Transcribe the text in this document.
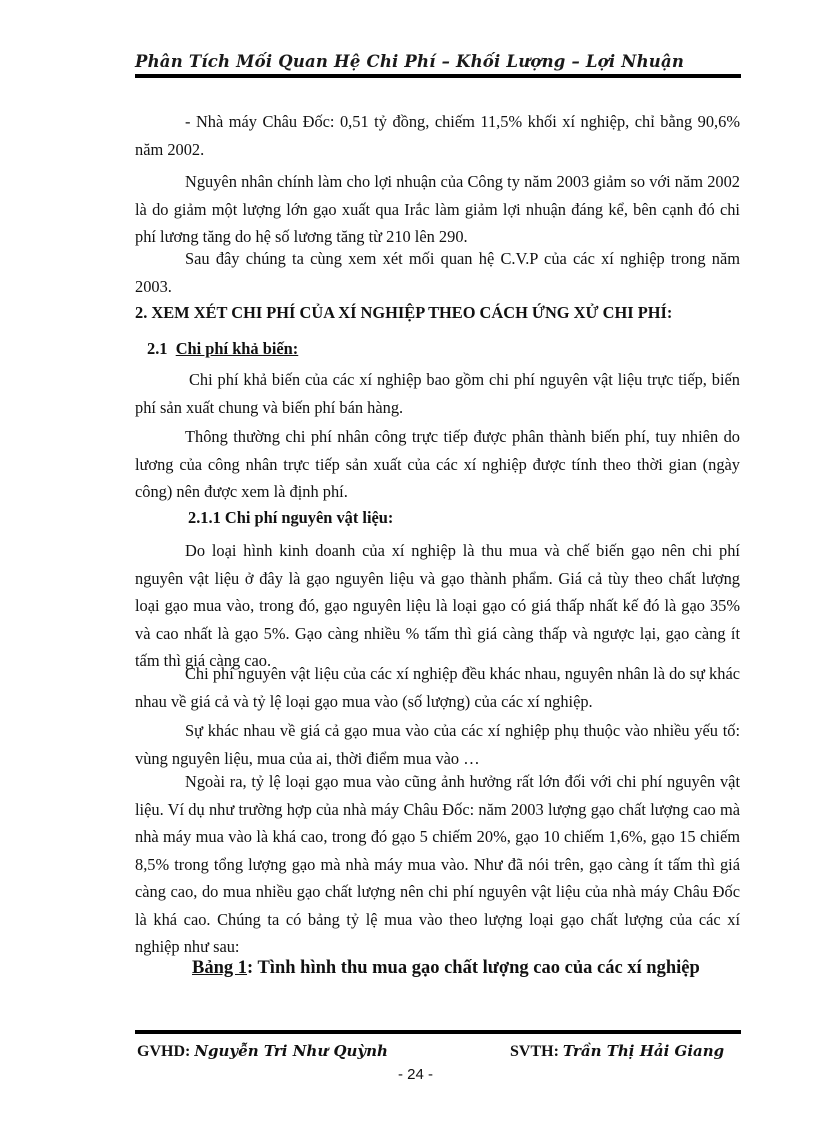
Phân Tích Mối Quan Hệ Chi Phí – Khối Lượng – Lợi Nhuận

- Nhà máy Châu Đốc: 0,51 tỷ đồng, chiếm 11,5% khối xí nghiệp, chỉ bằng 90,6% năm 2002.

Nguyên nhân chính làm cho lợi nhuận của Công ty năm 2003 giảm so với năm 2002 là do giảm một lượng lớn gạo xuất qua Irắc làm giảm lợi nhuận đáng kể, bên cạnh đó chi phí lương tăng do hệ số lương tăng từ 210 lên 290.

Sau đây chúng ta cùng xem xét mối quan hệ C.V.P của các xí nghiệp trong năm 2003.

2. XEM XÉT CHI PHÍ CỦA XÍ NGHIỆP THEO CÁCH ỨNG XỬ CHI PHÍ:
2.1 Chi phí khả biến:

Chi phí khả biến của các xí nghiệp bao gồm chi phí nguyên vật liệu trực tiếp, biến phí sản xuất chung và biến phí bán hàng.

Thông thường chi phí nhân công trực tiếp được phân thành biến phí, tuy nhiên do lương của công nhân trực tiếp sản xuất của các xí nghiệp được tính theo thời gian (ngày công) nên được xem là định phí.

2.1.1 Chi phí nguyên vật liệu:

Do loại hình kinh doanh của xí nghiệp là thu mua và chế biến gạo nên chi phí nguyên vật liệu ở đây là gạo nguyên liệu và gạo thành phẩm. Giá cả tùy theo chất lượng loại gạo mua vào, trong đó, gạo nguyên liệu là loại gạo có giá thấp nhất kế đó là gạo 35% và cao nhất là gạo 5%. Gạo càng nhiều % tấm thì giá càng thấp và ngược lại, gạo càng ít tấm thì giá càng cao.

Chi phí nguyên vật liệu của các xí nghiệp đều khác nhau, nguyên nhân là do sự khác nhau về giá cả và tỷ lệ loại gạo mua vào (số lượng) của các xí nghiệp.

Sự khác nhau về giá cả gạo mua vào của các xí nghiệp phụ thuộc vào nhiều yếu tố: vùng nguyên liệu, mua của ai, thời điểm mua vào …

Ngoài ra, tỷ lệ loại gạo mua vào cũng ảnh hưởng rất lớn đối với chi phí nguyên vật liệu. Ví dụ như trường hợp của nhà máy Châu Đốc: năm 2003 lượng gạo chất lượng cao mà nhà máy mua vào là khá cao, trong đó gạo 5 chiếm 20%, gạo 10 chiếm 1,6%, gạo 15 chiếm 8,5% trong tổng lượng gạo mà nhà máy mua vào. Như đã nói trên, gạo càng ít tấm thì giá càng cao, do mua nhiều gạo chất lượng nên chi phí nguyên vật liệu của nhà máy Châu Đốc là khá cao. Chúng ta có bảng tỷ lệ mua vào theo lượng loại gạo chất lượng của các xí nghiệp như sau:

Bảng 1: Tình hình thu mua gạo chất lượng cao của các xí nghiệp
GVHD: Nguyễn Tri Như Quỳnh	SVTH: Trần Thị Hải Giang
- 24 -
